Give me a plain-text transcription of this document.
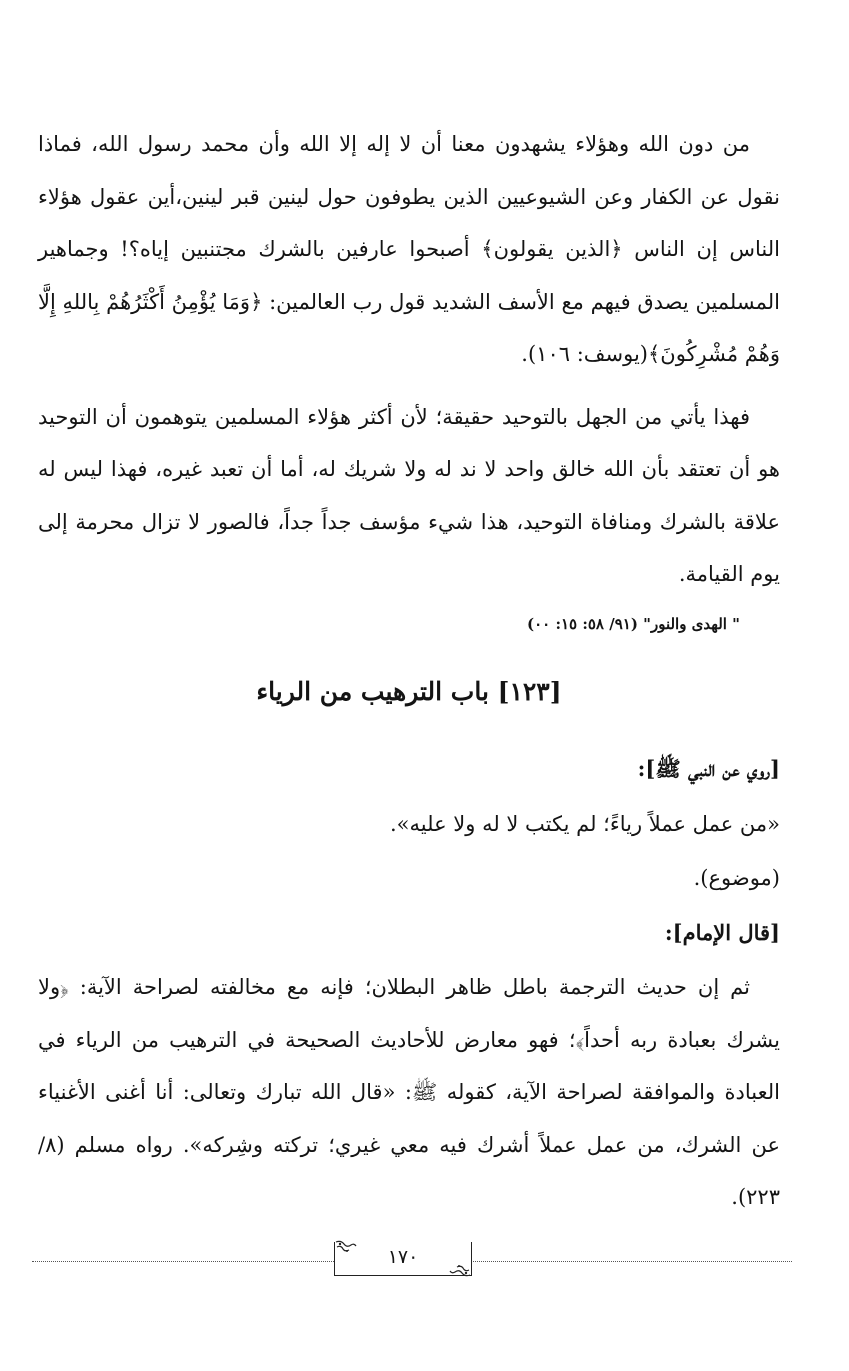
من دون الله وهؤلاء يشهدون معنا أن لا إله إلا الله وأن محمد رسول الله، فماذا نقول عن الكفار وعن الشيوعيين الذين يطوفون حول لينين قبر لينين،أين عقول هؤلاء الناس إن الناس ﴿الذين يقولون﴾ أصبحوا عارفين بالشرك مجتنبين إياه؟! وجماهير المسلمين يصدق فيهم مع الأسف الشديد قول رب العالمين: ﴿وَمَا يُؤْمِنُ أَكْثَرُهُمْ بِاللهِ إِلَّا وَهُمْ مُشْرِكُونَ﴾(يوسف: ١٠٦).

فهذا يأتي من الجهل بالتوحيد حقيقة؛ لأن أكثر هؤلاء المسلمين يتوهمون أن التوحيد هو أن تعتقد بأن الله خالق واحد لا ند له ولا شريك له، أما أن تعبد غيره، فهذا ليس له علاقة بالشرك ومنافاة التوحيد، هذا شيء مؤسف جداً جداً، فالصور لا تزال محرمة إلى يوم القيامة.

" الهدى والنور" (٩١/ ٥٨: ١٥: ٠٠)

[١٢٣] باب الترهيب من الرياء

[روي عن النبي ﷺ]:

«من عمل عملاً رياءً؛ لم يكتب لا له ولا عليه».

(موضوع).

[قال الإمام]:

ثم إن حديث الترجمة باطل ظاهر البطلان؛ فإنه مع مخالفته لصراحة الآية: ﴿ولا يشرك بعبادة ربه أحداً﴾؛ فهو معارض للأحاديث الصحيحة في الترهيب من الرياء في العبادة والموافقة لصراحة الآية، كقوله ﷺ: «قال الله تبارك وتعالى: أنا أغنى الأغنياء عن الشرك، من عمل عملاً أشرك فيه معي غيري؛ تركته وشِركه». رواه مسلم (٨/ ٢٢٣).

١٧٠
